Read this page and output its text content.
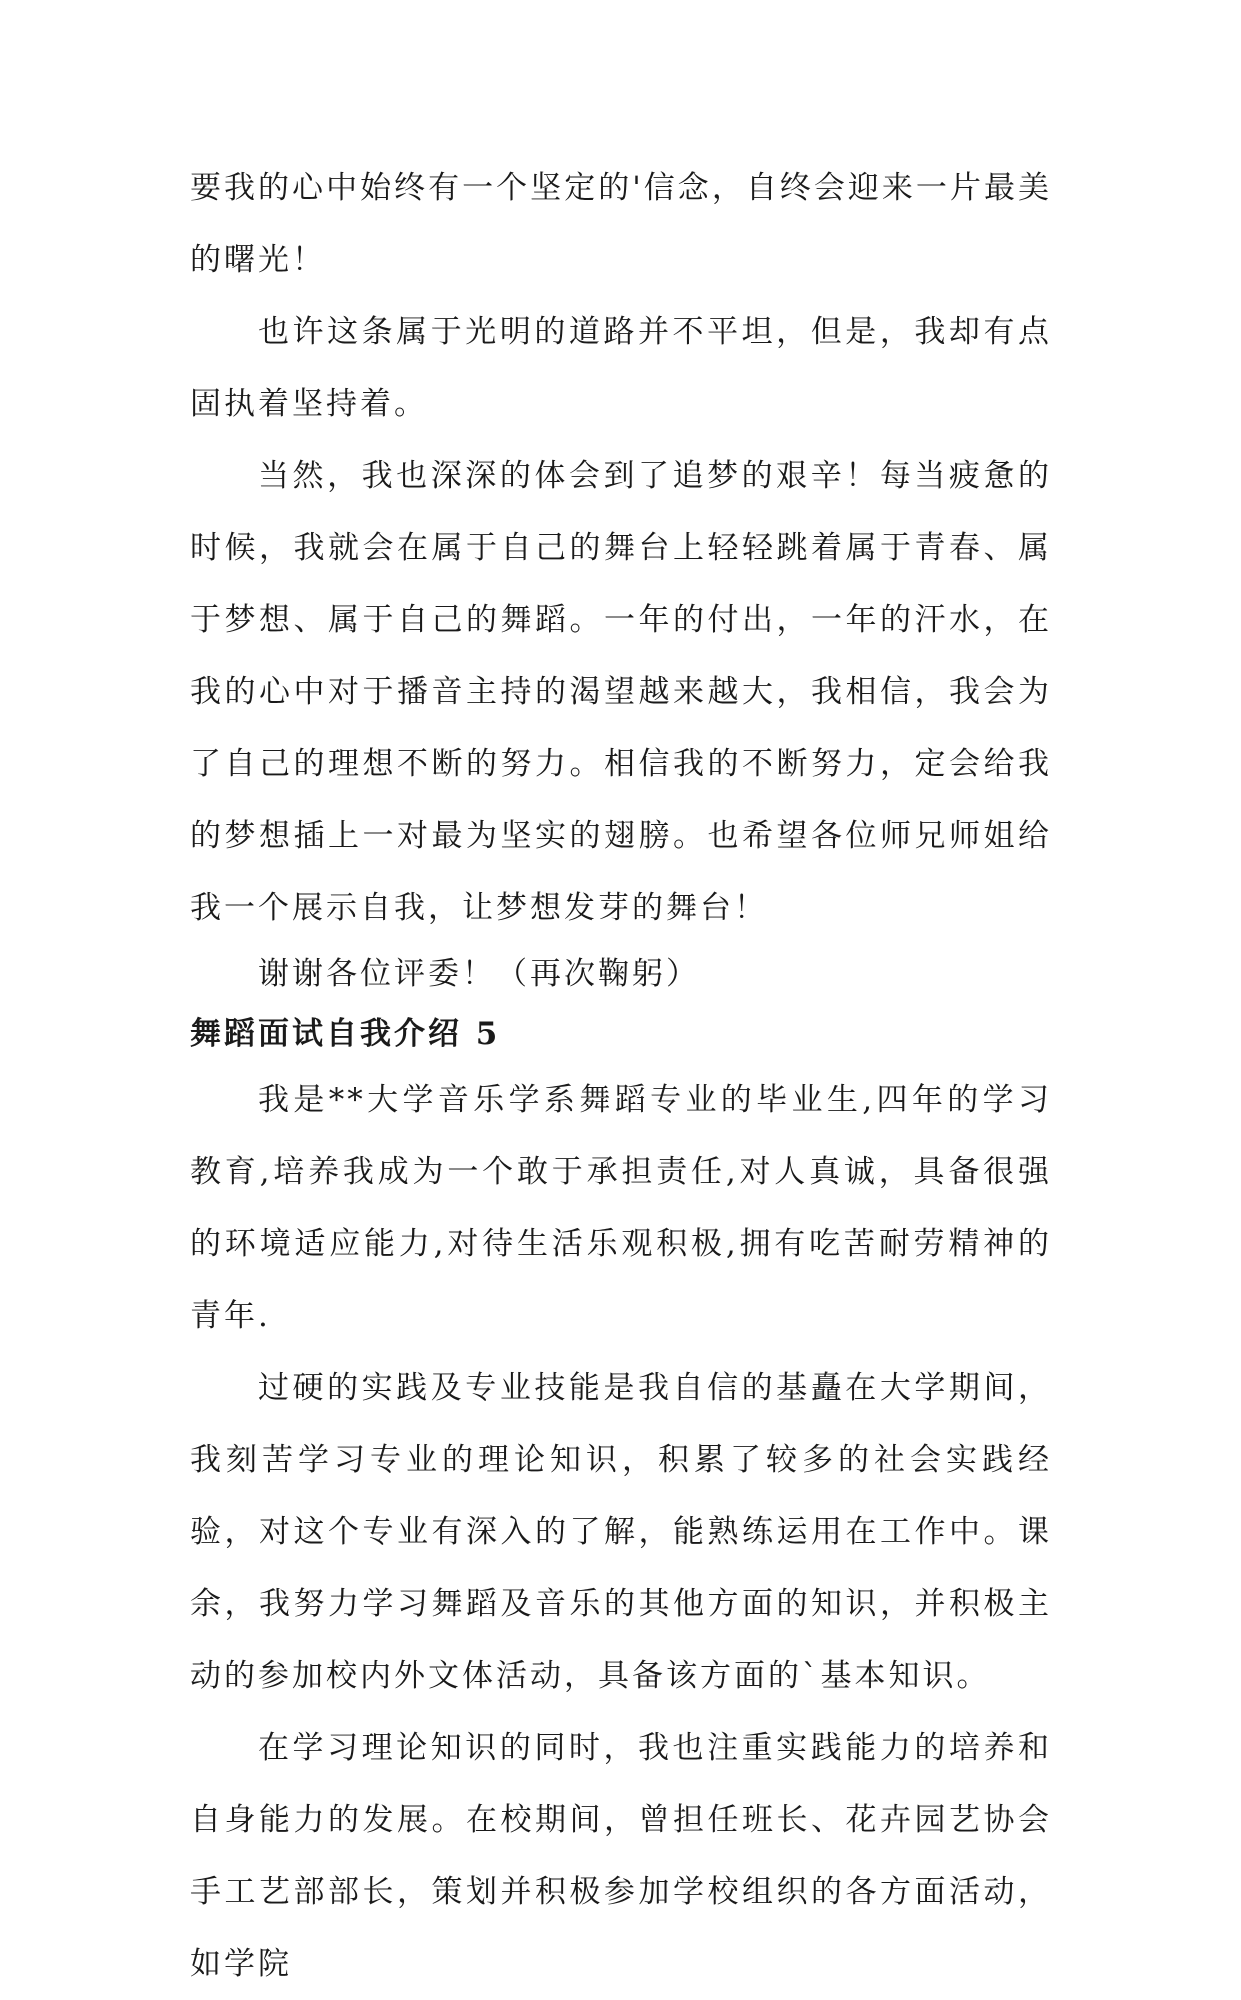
要我的心中始终有一个坚定的'信念，自终会迎来一片最美的曙光！

也许这条属于光明的道路并不平坦，但是，我却有点固执着坚持着。

当然，我也深深的体会到了追梦的艰辛！每当疲惫的时候，我就会在属于自己的舞台上轻轻跳着属于青春、属于梦想、属于自己的舞蹈。一年的付出，一年的汗水，在我的心中对于播音主持的渴望越来越大，我相信，我会为了自己的理想不断的努力。相信我的不断努力，定会给我的梦想插上一对最为坚实的翅膀。也希望各位师兄师姐给我一个展示自我，让梦想发芽的舞台！

谢谢各位评委！（再次鞠躬）

舞蹈面试自我介绍 5

我是**大学音乐学系舞蹈专业的毕业生,四年的学习教育,培养我成为一个敢于承担责任,对人真诚，具备很强的环境适应能力,对待生活乐观积极,拥有吃苦耐劳精神的青年.

过硬的实践及专业技能是我自信的基矗在大学期间，我刻苦学习专业的理论知识，积累了较多的社会实践经验，对这个专业有深入的了解，能熟练运用在工作中。课余，我努力学习舞蹈及音乐的其他方面的知识，并积极主动的参加校内外文体活动，具备该方面的`基本知识。

在学习理论知识的同时，我也注重实践能力的培养和自身能力的发展。在校期间，曾担任班长、花卉园艺协会手工艺部部长，策划并积极参加学校组织的各方面活动，如学院
